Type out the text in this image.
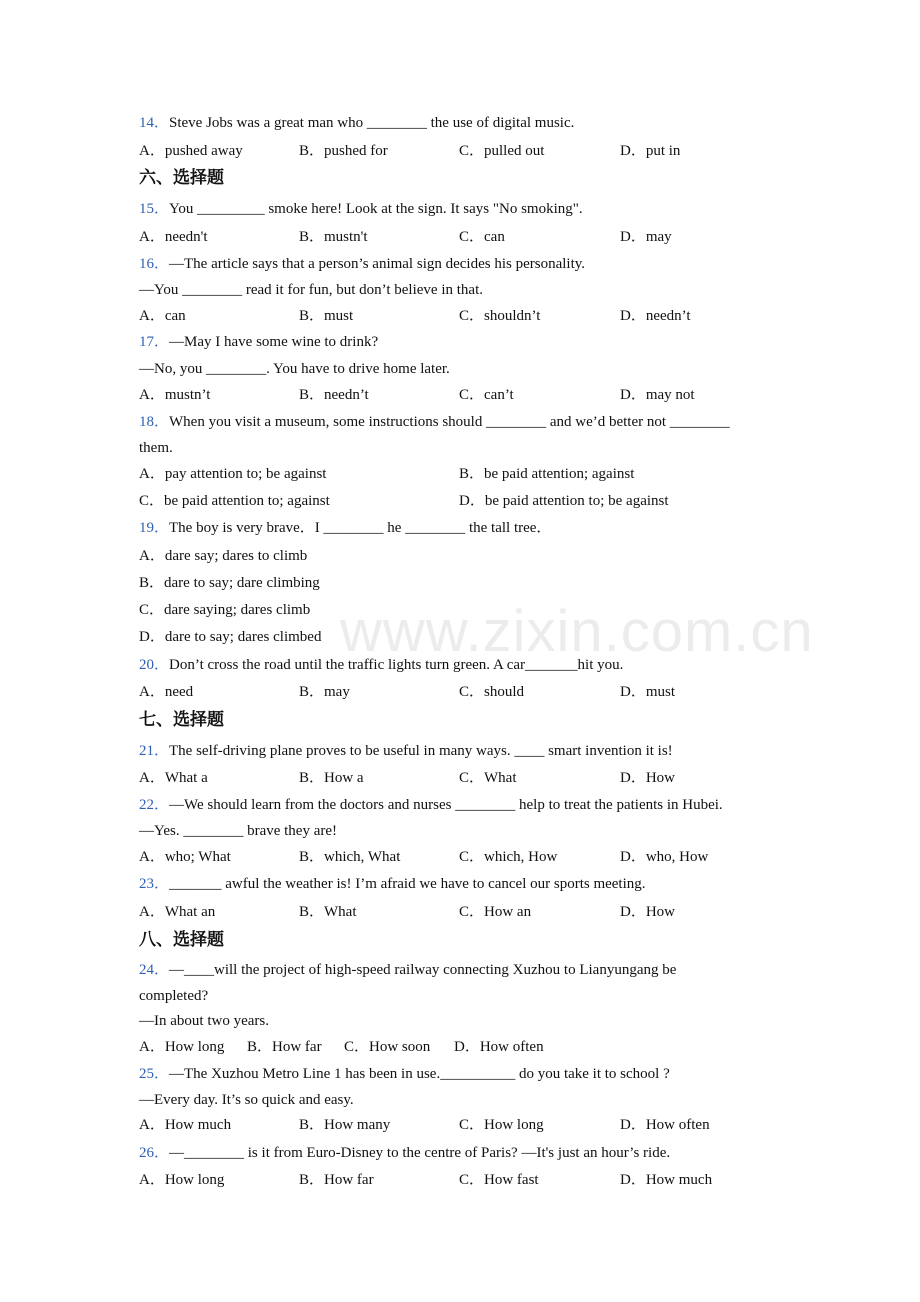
14．Steve Jobs was a great man who ________ the use of digital music.
A．pushed away	B．pushed for	C．pulled out	D．put in
六、选择题
15．You _________ smoke here! Look at the sign. It says "No smoking".
A．needn't	B．mustn't	C．can	D．may
16．—The article says that a person’s animal sign decides his personality.
—You ________ read it for fun, but don’t believe in that.
A．can	B．must	C．shouldn’t	D．needn’t
17．—May I have some wine to drink?
—No, you ________. You have to drive home later.
A．mustn’t	B．needn’t	C．can’t	D．may not
18．When you visit a museum, some instructions should ________ and we’d better not ________
them.
A．pay attention to; be against	B．be paid attention; against
C．be paid attention to; against	D．be paid attention to; be against
19．The boy is very brave．I ________ he ________ the tall tree．
A．dare say; dares to climb
B．dare to say; dare climbing
C．dare saying; dares climb
D．dare to say; dares climbed
20．Don’t cross the road until the traffic lights turn green. A car_______hit you.
A．need	B．may	C．should	D．must
七、选择题
21．The self-driving plane proves to be useful in many ways. ____ smart invention it is!
A．What a	B．How a	C．What	D．How
22．―We should learn from the doctors and nurses ________ help to treat the patients in Hubei.
―Yes. ________ brave they are!
A．who; What	B．which, What	C．which, How	D．who, How
23．_______ awful the weather is! I’m afraid we have to cancel our sports meeting.
A．What an	B．What	C．How an	D．How
八、选择题
24．—____will the project of high-speed railway connecting Xuzhou to Lianyungang be
completed?
—In about two years.
A．How long B．How far C．How soon D．How often
25．—The Xuzhou Metro Line 1 has been in use.__________ do you take it to school ?
—Every day. It’s so quick and easy.
A．How much	B．How many	C．How long	D．How often
26．—________ is it from Euro-Disney to the centre of Paris? —It's just an hour’s ride.
A．How long	B．How far	C．How fast	D．How much
www.zixin.com.cn
